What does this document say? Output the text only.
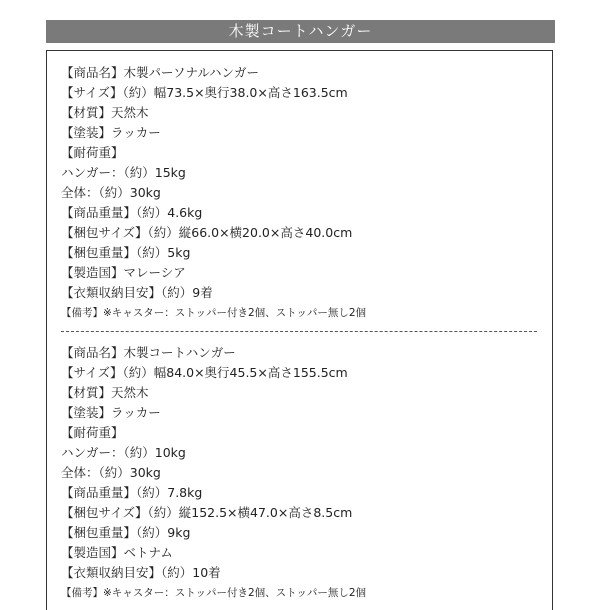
木製コートハンガー
【商品名】木製パーソナルハンガー
【サイズ】（約）幅73.5×奥行38.0×高さ163.5cm
【材質】天然木
【塗装】ラッカー
【耐荷重】
ハンガー：（約）15kg
全体：（約）30kg
【商品重量】（約）4.6kg
【梱包サイズ】（約）縦66.0×横20.0×高さ40.0cm
【梱包重量】（約）5kg
【製造国】マレーシア
【衣類収納目安】（約）9着
【備考】※キャスター：ストッパー付き2個、ストッパー無し2個
【商品名】木製コートハンガー
【サイズ】（約）幅84.0×奥行45.5×高さ155.5cm
【材質】天然木
【塗装】ラッカー
【耐荷重】
ハンガー：（約）10kg
全体：（約）30kg
【商品重量】（約）7.8kg
【梱包サイズ】（約）縦152.5×横47.0×高さ8.5cm
【梱包重量】（約）9kg
【製造国】ベトナム
【衣類収納目安】（約）10着
【備考】※キャスター：ストッパー付き2個、ストッパー無し2個
